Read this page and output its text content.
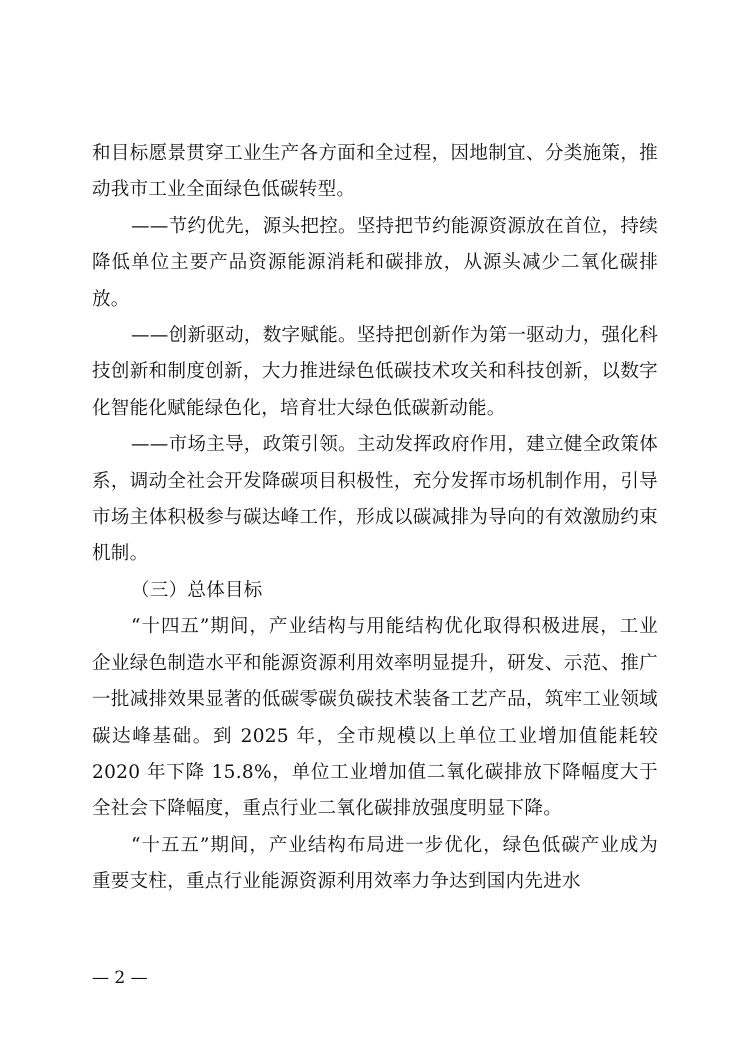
和目标愿景贯穿工业生产各方面和全过程，因地制宜、分类施策，推动我市工业全面绿色低碳转型。

——节约优先，源头把控。坚持把节约能源资源放在首位，持续降低单位主要产品资源能源消耗和碳排放，从源头减少二氧化碳排放。

——创新驱动，数字赋能。坚持把创新作为第一驱动力，强化科技创新和制度创新，大力推进绿色低碳技术攻关和科技创新，以数字化智能化赋能绿色化，培育壮大绿色低碳新动能。

——市场主导，政策引领。主动发挥政府作用，建立健全政策体系，调动全社会开发降碳项目积极性，充分发挥市场机制作用，引导市场主体积极参与碳达峰工作，形成以碳减排为导向的有效激励约束机制。

（三）总体目标

“十四五”期间，产业结构与用能结构优化取得积极进展，工业企业绿色制造水平和能源资源利用效率明显提升，研发、示范、推广一批减排效果显著的低碳零碳负碳技术装备工艺产品，筑牢工业领域碳达峰基础。到 2025 年，全市规模以上单位工业增加值能耗较 2020 年下降 15.8%，单位工业增加值二氧化碳排放下降幅度大于全社会下降幅度，重点行业二氧化碳排放强度明显下降。

“十五五”期间，产业结构布局进一步优化，绿色低碳产业成为重要支柱，重点行业能源资源利用效率力争达到国内先进水

— 2 —
